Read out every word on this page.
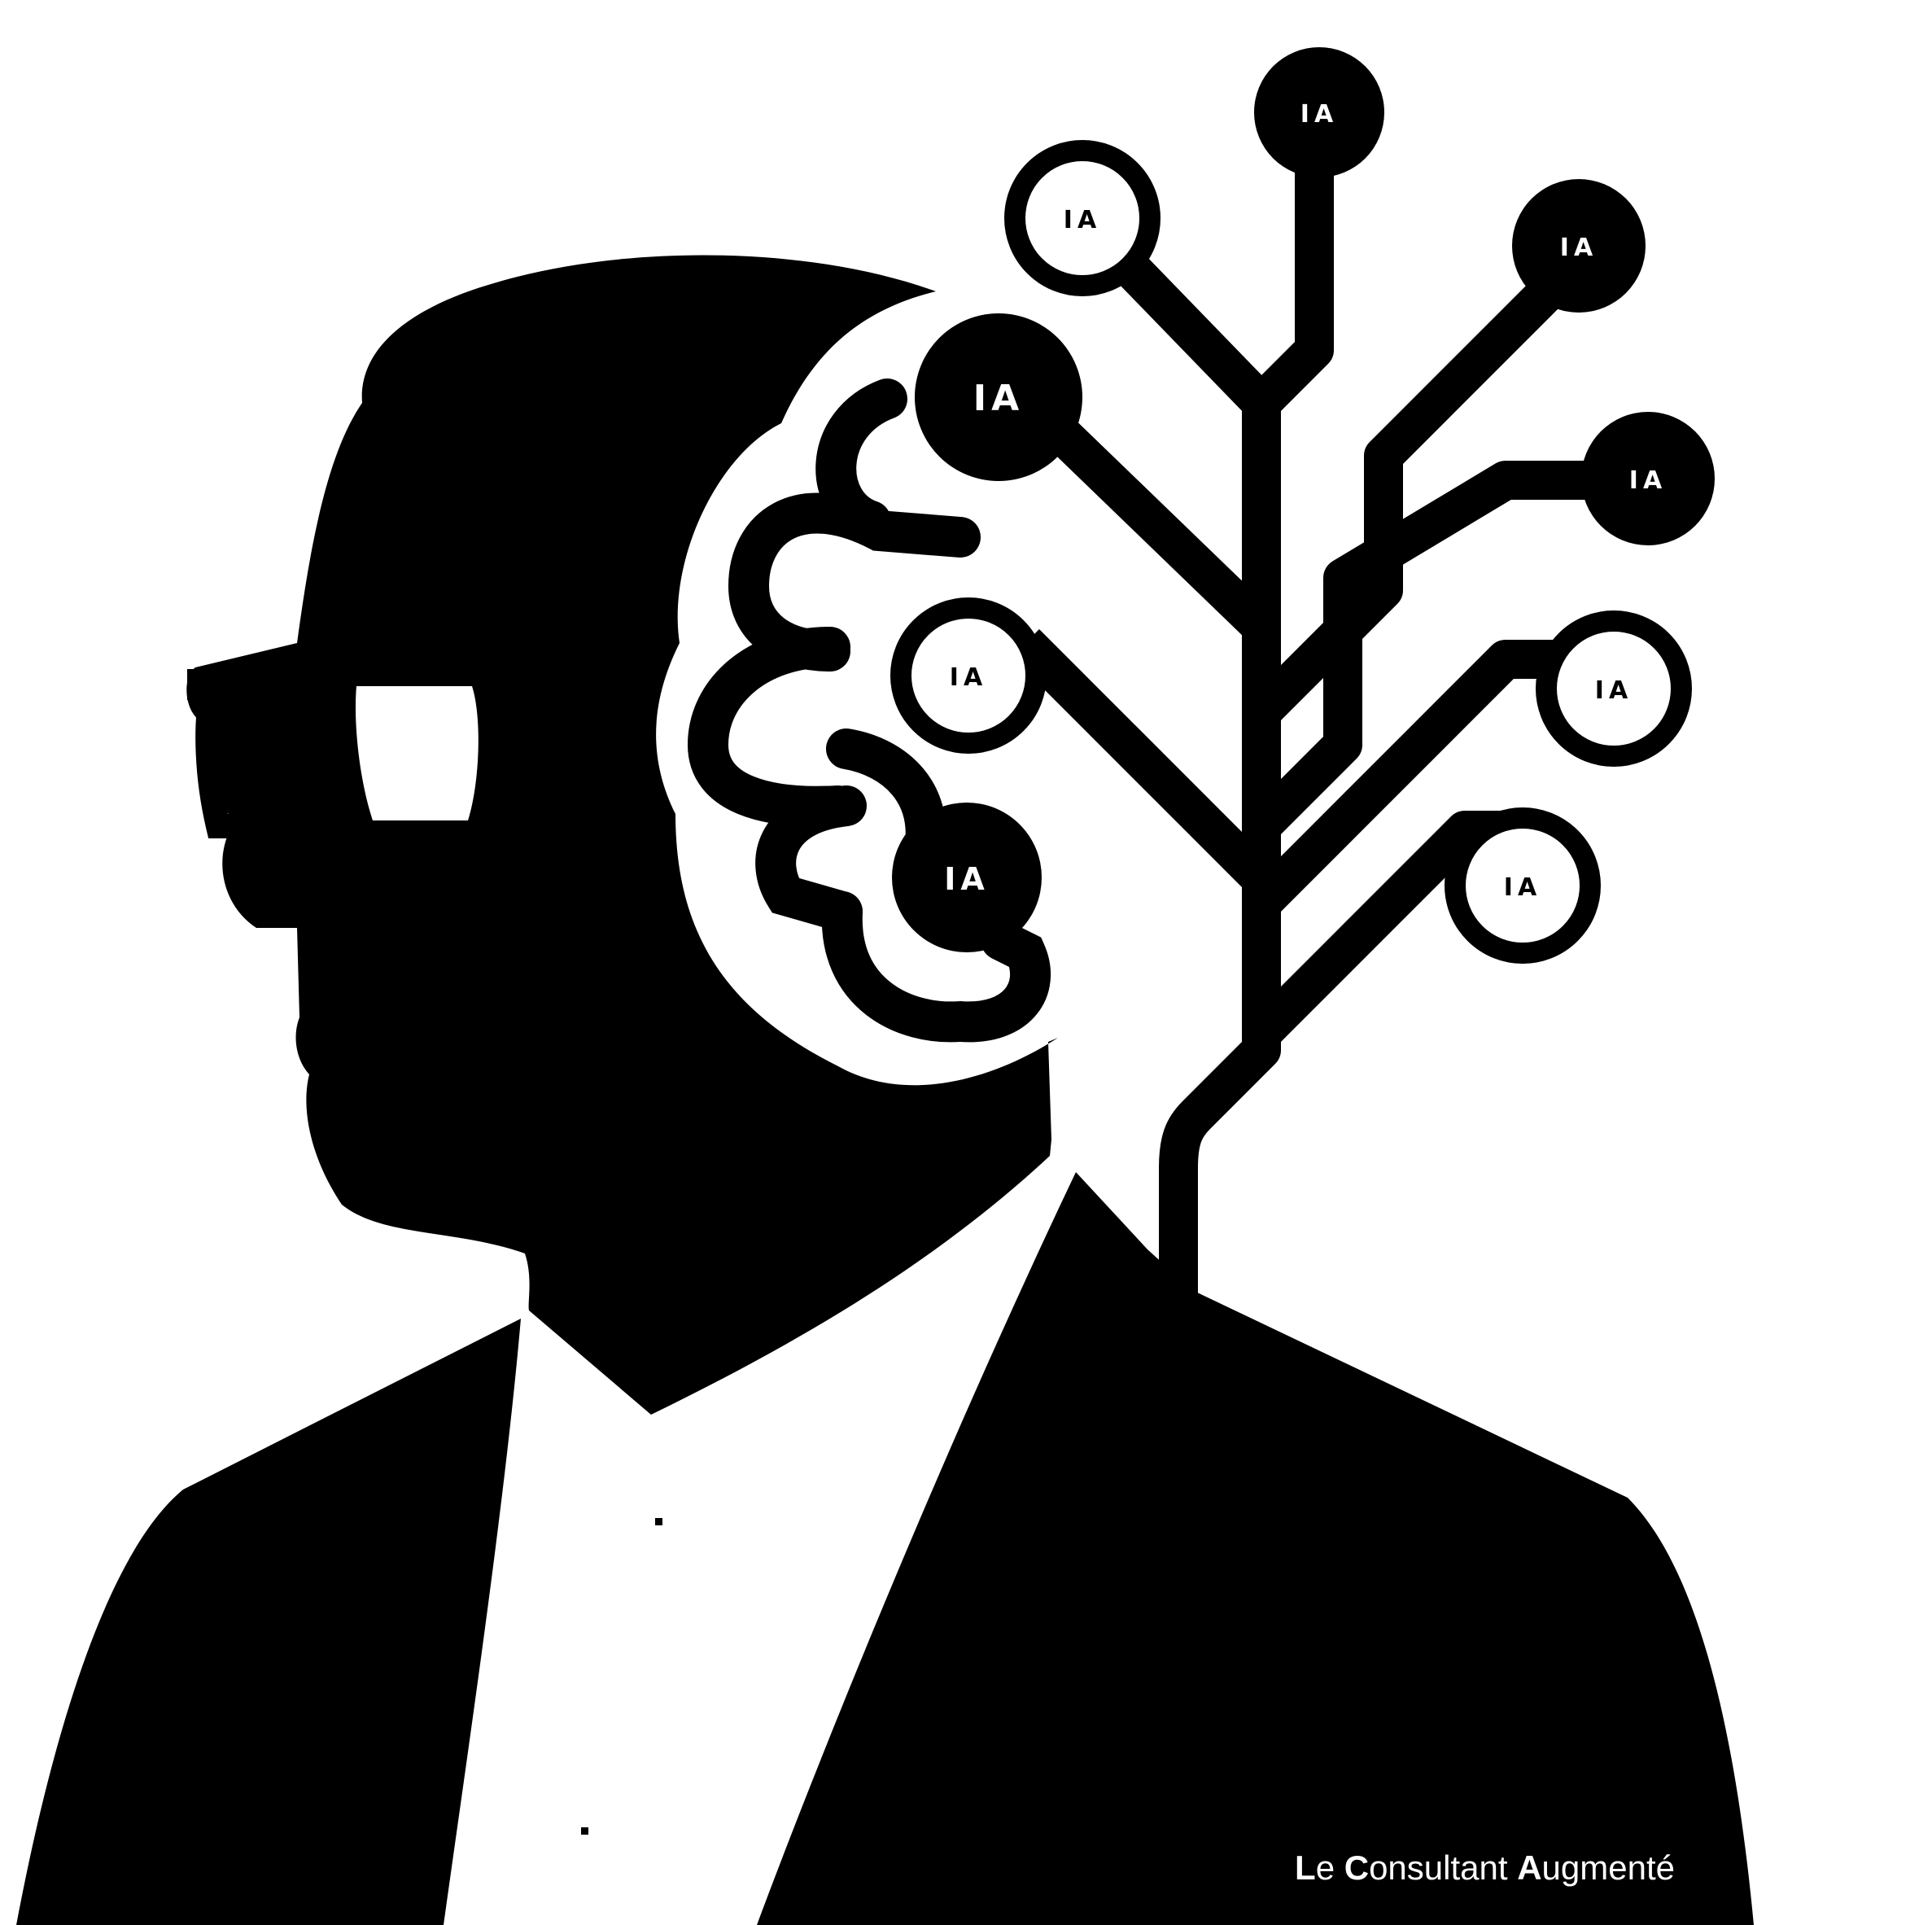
IA
IA
IA
IA
IA
IA	IA
IA	IA
Le Consultant Augmenté
